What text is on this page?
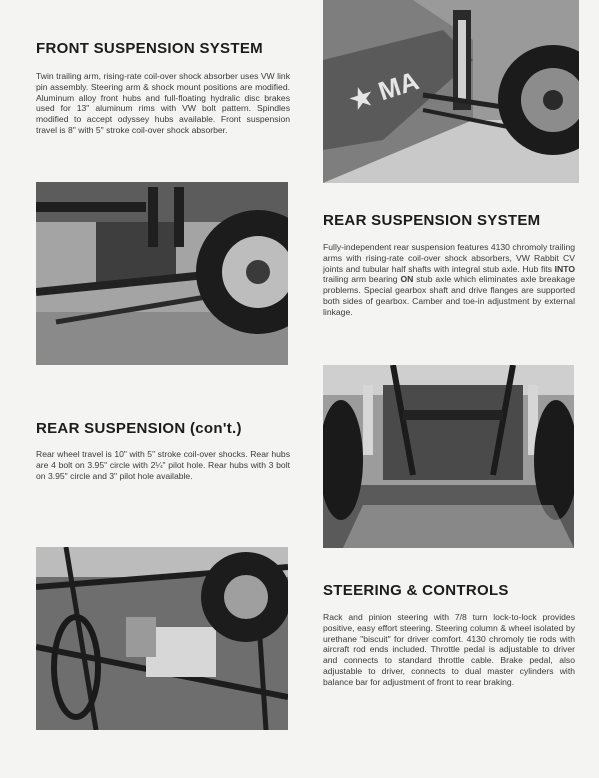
FRONT SUSPENSION SYSTEM

Twin trailing arm, rising-rate coil-over shock absorber uses VW link pin assembly. Steering arm & shock mount positions are modified. Aluminum alloy front hubs and full-floating hydralic disc brakes used for 13" aluminum rims with VW bolt pattern. Spindles modified to accept odyssey hubs available. Front suspension travel is 8" with 5" stroke coil-over shock absorber.

★ MA
REAR SUSPENSION SYSTEM

Fully-independent rear suspension features 4130 chromoly trailing arms with rising-rate coil-over shock absorbers, VW Rabbit CV joints and tubular half shafts with integral stub axle. Hub fits INTO trailing arm bearing ON stub axle which eliminates axle breakage problems. Special gearbox shaft and drive flanges are supported both sides of gearbox. Camber and toe-in adjustment by external linkage.

REAR SUSPENSION (con't.)

Rear wheel travel is 10" with 5" stroke coil-over shocks. Rear hubs are 4 bolt on 3.95" circle with 2¼" pilot hole. Rear hubs with 3 bolt on 3.95" circle and 3" pilot hole available.

STEERING & CONTROLS

Rack and pinion steering with 7/8 turn lock-to-lock provides positive, easy effort steering. Steering column & wheel isolated by urethane "biscuit" for driver comfort. 4130 chromoly tie rods with aircraft rod ends included. Throttle pedal is adjustable to driver and connects to standard throttle cable. Brake pedal, also adjustable to driver, connects to dual master cylinders with balance bar for adjustment of front to rear braking.
